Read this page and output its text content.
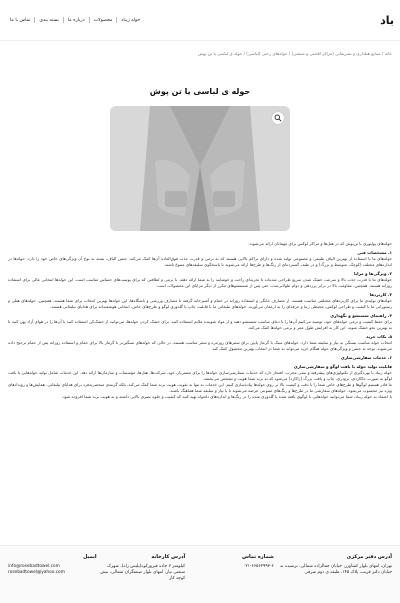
باد
حوله زیباد
محصولات
درباره ما
بسته بندی
تماس با ما
خانه / صنایع هتلداری و تشریفاتی (مراکز اقامتی و صنعتی) / حوله‌های رختی (لباسی) / حوله ی لباسی یا تن پوش
حوله ی لباسی یا تن پوش

حوله‌های پولیوری یا تن‌پوش که در هتل‌ها و مراکز لوکس برای مهمانان ارائه می‌شوند.

۱. مشخصات فنی

حوله‌های ما با استفاده از بهترین الیاف طبیعی و مصنوعی تولید شده و دارای تراکم بالایی هستند که به نرمی و قدرت جذب فوق‌العاده آن‌ها کمک می‌کند. جنس الیاف، بسته به نوع آن ویژگی‌های خاص خود را دارد. حوله‌ها در اندازه‌های مختلف (کوچک، متوسط و بزرگ) و در طیف گسترده‌ای از رنگ‌ها و طرح‌ها ارائه می‌شوند تا پاسخگوی سلیقه‌های متنوع باشند.

۲. ویژگی‌ها و مزایا

حوله‌های ما با قدرت جذب بالا و سرعت خشک شدن سریع طراحی شده‌اند تا تجربه‌ای راحت و خوشایند را به شما ارائه دهند. با نرمی و لطافتی که برای پوست‌های حساس مناسب است، این حوله‌ها انتخابی عالی برای استفاده روزانه هستند. همچنین، مقاومت بالا در برابر پرزدهی و دوام طولانی‌مدت حتی پس از شستشوهای مکرر از دیگر مزایای این محصولات است.

۳. کاربردها

حوله‌های تولیدی ما برای کاربردهای مختلفی مناسب هستند. از مصارف خانگی و استفاده روزانه در حمام و آشپزخانه گرفته تا مصارف ورزشی و باشگاه‌ها، این حوله‌ها بهترین انتخاب برای شما هستند. همچنین، حوله‌های هتلی و رستورانی ما با کیفیت و طراحی لوکس، محیطی زیبا و حرفه‌ای را به ارمغان می‌آورند. حوله‌های تبلیغاتی ما با قابلیت چاپ یا گلدوزی لوگو و طرح‌های خاص، انتخابی هوشمندانه برای هدایای تبلیغاتی هستند.

۴. راهنمای شستشو و نگهداری

برای حفظ کیفیت و نرمی حوله‌های خود، توصیه می‌کنیم آن‌ها را با دمای مناسب شستشو دهید و از مواد شوینده ملایم استفاده کنید. برای خشک کردن حوله‌ها، می‌توانید از خشک‌کن استفاده کنید یا آن‌ها را در هوای آزاد پهن کنید تا به بهترین نحو خشک شوند. این کار به افزایش طول عمر و نرمی حوله‌ها کمک می‌کند.

۵. نکات خرید

انتخاب حوله مناسب بستگی به نیاز و سلیقه شما دارد. حوله‌های سبک با گرماژ پایین برای سفرهای روزمره و سفر مناسب هستند، در حالی که حوله‌های سنگین‌تر با گرماژ بالا برای حمام و استفاده روزانه پس از حمام ترجیح داده می‌شوند. توجه به جنس و ویژگی‌های حوله هنگام خرید می‌تواند به شما در انتخاب بهترین محصول کمک کند.

۶. خدمات سفارشی‌سازی
قابلیت تولید حوله با بافت لوگو و سفارشی‌سازی

حوله زیباد با بهره‌گیری از تکنولوژی‌های پیشرفته و تیمی مجرب، افتخار دارد که خدمات سفارشی‌سازی حوله‌ها را برای مشتریان خود، شرکت‌ها، هتل‌ها، مؤسسات و سازمان‌ها ارائه دهد. این خدمات شامل تولید حوله‌هایی با بافت لوگو به صورت جاکاردی، برودری، چاپ و بافت بزرگ (ژاکارد) می‌شود که به برند شما هویت و تشخص می‌بخشد.

ما قادر هستیم لوگوها و طرح‌های خاص شما را با دقت و کیفیت بالا بر روی حوله‌ها پیاده‌سازی کنیم. این خدمات نه تنها به تقویت هویت برند شما کمک می‌کند، بلکه گزینه‌ی منحصربه‌فرد برای هدایای تبلیغاتی، همایش‌ها و رویدادهای ویژه نیز محسوب می‌شود. حوله‌های سفارشی ما در طرح‌ها و رنگ‌های متنوعی عرضه می‌شوند تا با نیاز و سلیقه شما هماهنگ باشند.

با اعتماد به حوله زیباد، شما می‌توانید حوله‌هایی با لوگوی بافته شده یا گلدوزی شده را در رنگ‌ها و اندازه‌های دلخواه تهیه کنید که کیفیت و جلوه بصری بالایی داشته و به هویت برند شما افزوده شود.

آدرس دفتر مرکزی
تهران، انتهای بلوار کشاورز، خیابان جمالزاده شمالی، ترسیده به خیابان دکتر قریب، پلاک ۱۴۵، طبقه ی دوم شرقی
شماره تماس
۰۲۱-۶۶۵۶۲۹۹۳-۶
آدرس کارخانه
کیلومتر ۷ جاده فیروزکوه(پلیس راه)، شهرک صنعتی نیاز، انتهای بلوار صنعتگران شمالی، نبش کوچه کار
ایمیل
info@rosebadtowel.com
rosebadtowel@yahoo.com
